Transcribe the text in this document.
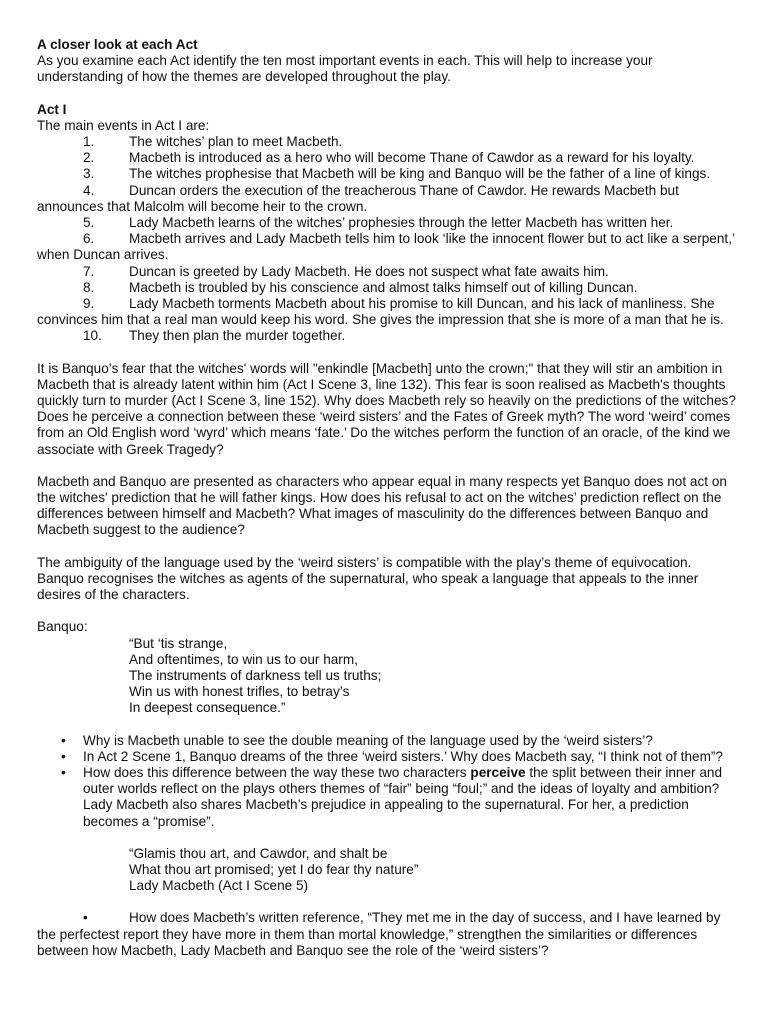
A closer look at each Act

As you examine each Act identify the ten most important events in each. This will help to increase your understanding of how the themes are developed throughout the play.

Act I

The main events in Act I are:

1.	The witches’ plan to meet Macbeth.
2.	Macbeth is introduced as a hero who will become Thane of Cawdor as a reward for his loyalty.
3.	The witches prophesise that Macbeth will be king and Banquo will be the father of a line of kings.
4.	Duncan orders the execution of the treacherous Thane of Cawdor. He rewards Macbeth but announces that Malcolm will become heir to the crown.
5.	Lady Macbeth learns of the witches’ prophesies through the letter Macbeth has written her.
6.	Macbeth arrives and Lady Macbeth tells him to look ‘like the innocent flower but to act like a serpent,’ when Duncan arrives.
7.	Duncan is greeted by Lady Macbeth. He does not suspect what fate awaits him.
8.	Macbeth is troubled by his conscience and almost talks himself out of killing Duncan.
9.	Lady Macbeth torments Macbeth about his promise to kill Duncan, and his lack of manliness. She convinces him that a real man would keep his word. She gives the impression that she is more of a man that he is.
10. They then plan the murder together.

It is Banquo’s fear that the witches' words will "enkindle [Macbeth] unto the crown;" that they will stir an ambition in Macbeth that is already latent within him (Act I Scene 3, line 132). This fear is soon realised as Macbeth's thoughts quickly turn to murder (Act I Scene 3, line 152). Why does Macbeth rely so heavily on the predictions of the witches? Does he perceive a connection between these ‘weird sisters’ and the Fates of Greek myth? The word ‘weird’ comes from an Old English word ‘wyrd’ which means ‘fate.’ Do the witches perform the function of an oracle, of the kind we associate with Greek Tragedy?

Macbeth and Banquo are presented as characters who appear equal in many respects yet Banquo does not act on the witches' prediction that he will father kings. How does his refusal to act on the witches’ prediction reflect on the differences between himself and Macbeth? What images of masculinity do the differences between Banquo and Macbeth suggest to the audience?

The ambiguity of the language used by the ‘weird sisters’ is compatible with the play’s theme of equivocation. Banquo recognises the witches as agents of the supernatural, who speak a language that appeals to the inner desires of the characters.

Banquo:

“But ‘tis strange,
And oftentimes, to win us to our harm,
The instruments of darkness tell us truths;
Win us with honest trifles, to betray’s
In deepest consequence.”
• Why is Macbeth unable to see the double meaning of the language used by the ‘weird sisters’?
• In Act 2 Scene 1, Banquo dreams of the three ‘weird sisters.’ Why does Macbeth say, “I think not of them”?
• How does this difference between the way these two characters perceive the split between their inner and outer worlds reflect on the plays others themes of “fair” being “foul;” and the ideas of loyalty and ambition? Lady Macbeth also shares Macbeth’s prejudice in appealing to the supernatural. For her, a prediction becomes a “promise”.
“Glamis thou art, and Cawdor, and shalt be
What thou art promised; yet I do fear thy nature”
Lady Macbeth (Act I Scene 5)

•	How does Macbeth’s written reference, “They met me in the day of success, and I have learned by the perfectest report they have more in them than mortal knowledge,” strengthen the similarities or differences between how Macbeth, Lady Macbeth and Banquo see the role of the ‘weird sisters’?
